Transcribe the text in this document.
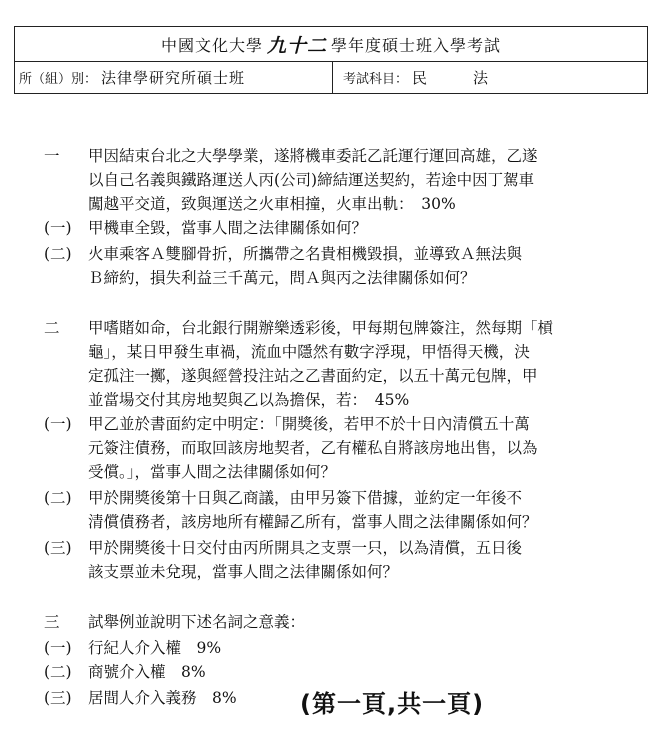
中國文化大學 九十二 學年度碩士班入學考試
所（組）別： 法律學研究所碩士班	考試科目： 民	法
一 甲因結束台北之大學學業，遂將機車委託乙託運行運回高雄，乙遂
以自己名義與鐵路運送人丙(公司)締結運送契約，若途中因丁駕車
闖越平交道，致與運送之火車相撞，火車出軌：　30%
(一) 甲機車全毀，當事人間之法律關係如何？
(二) 火車乘客Ａ雙腳骨折，所攜帶之名貴相機毀損，並導致Ａ無法與
Ｂ締約，損失利益三千萬元，問Ａ與丙之法律關係如何？
二 甲嗜賭如命，台北銀行開辦樂透彩後，甲每期包牌簽注，然每期「槓
龜」，某日甲發生車禍，流血中隱然有數字浮現，甲悟得天機，決
定孤注一擲，遂與經營投注站之乙書面約定，以五十萬元包牌，甲
並當場交付其房地契與乙以為擔保，若：　45%
(一) 甲乙並於書面約定中明定：「開獎後，若甲不於十日內清償五十萬
元簽注債務，而取回該房地契者，乙有權私自將該房地出售，以為
受償。」，當事人間之法律關係如何？
(二) 甲於開獎後第十日與乙商議，由甲另簽下借據，並約定一年後不
清償債務者，該房地所有權歸乙所有，當事人間之法律關係如何？
(三) 甲於開獎後十日交付由丙所開具之支票一只，以為清償，五日後
該支票並未兌現，當事人間之法律關係如何？
三 試舉例並說明下述名詞之意義：
(一) 行紀人介入權　9%
(二) 商號介入權　8%
(三) 居間人介入義務　8%	(第一頁,共一頁)
